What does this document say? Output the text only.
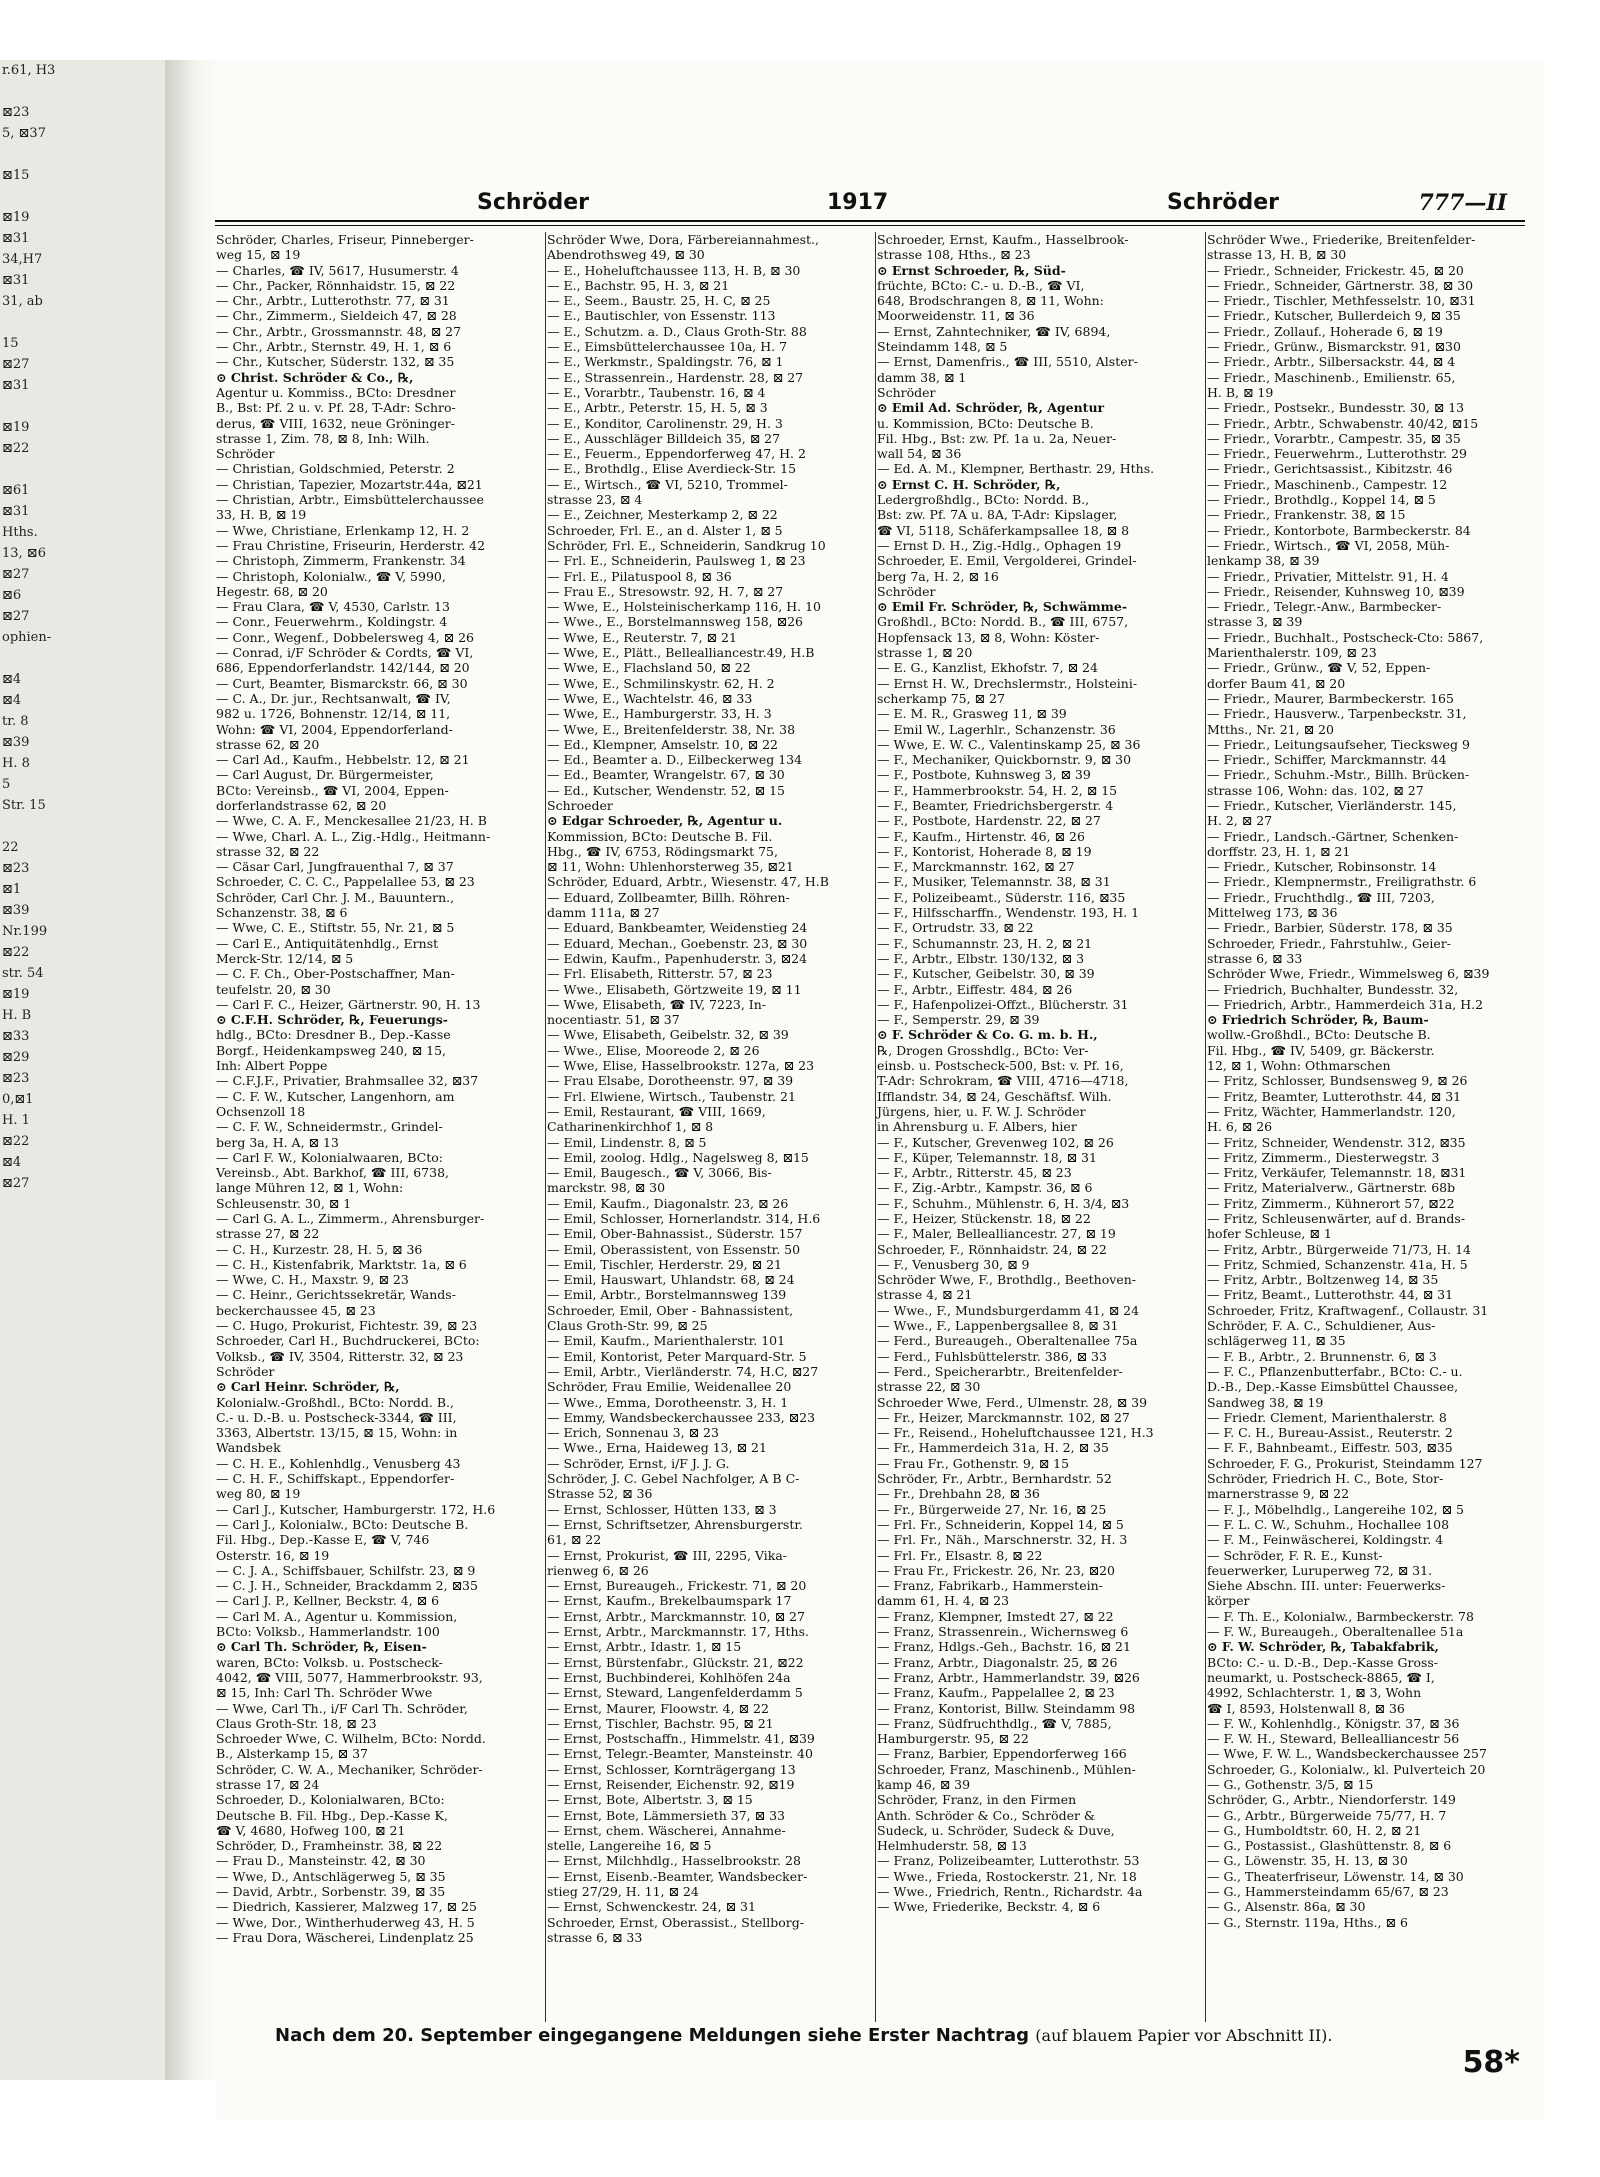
r.61, H3

⊠23
5, ⊠37

⊠15

⊠19
⊠31
34,H7
⊠31
31, ab

15
⊠27
⊠31

⊠19
⊠22

⊠61
⊠31
Hths.
13, ⊠6
⊠27
⊠6
⊠27
ophien-

⊠4
⊠4
tr. 8
⊠39
H. 8
5
Str. 15

22
⊠23
⊠1
⊠39
Nr.199
⊠22
str. 54
⊠19
H. B
⊠33
⊠29
⊠23
0,⊠1
H. 1
⊠22
⊠4
⊠27
Schröder	1917	Schröder	777—II
Schröder, Charles, Friseur, Pinneberger-
weg 15, ⊠ 19
— Charles, ☎ IV, 5617, Husumerstr. 4
— Chr., Packer, Rönnhaidstr. 15, ⊠ 22
— Chr., Arbtr., Lutterothstr. 77, ⊠ 31
— Chr., Zimmerm., Sieldeich 47, ⊠ 28
— Chr., Arbtr., Grossmannstr. 48, ⊠ 27
— Chr., Arbtr., Sternstr. 49, H. 1, ⊠ 6
— Chr., Kutscher, Süderstr. 132, ⊠ 35
⊙ Christ. Schröder & Co., ℞,
Agentur u. Kommiss., BCto: Dresdner
B., Bst: Pf. 2 u. v. Pf. 28, T-Adr: Schro-
derus, ☎ VIII, 1632, neue Gröninger-
strasse 1, Zim. 78, ⊠ 8, Inh: Wilh.
Schröder
— Christian, Goldschmied, Peterstr. 2
— Christian, Tapezier, Mozartstr.44a, ⊠21
— Christian, Arbtr., Eimsbüttelerchaussee
33, H. B, ⊠ 19
— Wwe, Christiane, Erlenkamp 12, H. 2
— Frau Christine, Friseurin, Herderstr. 42
— Christoph, Zimmerm, Frankenstr. 34
— Christoph, Kolonialw., ☎ V, 5990,
Hegestr. 68, ⊠ 20
— Frau Clara, ☎ V, 4530, Carlstr. 13
— Conr., Feuerwehrm., Koldingstr. 4
— Conr., Wegenf., Dobbelersweg 4, ⊠ 26
— Conrad, i/F Schröder & Cordts, ☎ VI,
686, Eppendorferlandstr. 142/144, ⊠ 20
— Curt, Beamter, Bismarckstr. 66, ⊠ 30
— C. A., Dr. jur., Rechtsanwalt, ☎ IV,
982 u. 1726, Bohnenstr. 12/14, ⊠ 11,
Wohn: ☎ VI, 2004, Eppendorferland-
strasse 62, ⊠ 20
— Carl Ad., Kaufm., Hebbelstr. 12, ⊠ 21
— Carl August, Dr. Bürgermeister,
BCto: Vereinsb., ☎ VI, 2004, Eppen-
dorferlandstrasse 62, ⊠ 20
— Wwe, C. A. F., Menckesallee 21/23, H. B
— Wwe, Charl. A. L., Zig.-Hdlg., Heitmann-
strasse 32, ⊠ 22
— Cäsar Carl, Jungfrauenthal 7, ⊠ 37
Schroeder, C. C. C., Pappelallee 53, ⊠ 23
Schröder, Carl Chr. J. M., Bauuntern.,
Schanzenstr. 38, ⊠ 6
— Wwe, C. E., Stiftstr. 55, Nr. 21, ⊠ 5
— Carl E., Antiquitätenhdlg., Ernst
Merck-Str. 12/14, ⊠ 5
— C. F. Ch., Ober-Postschaffner, Man-
teufelstr. 20, ⊠ 30
— Carl F. C., Heizer, Gärtnerstr. 90, H. 13
⊙ C.F.H. Schröder, ℞, Feuerungs-
hdlg., BCto: Dresdner B., Dep.-Kasse
Borgf., Heidenkampsweg 240, ⊠ 15,
Inh: Albert Poppe
— C.F.J.F., Privatier, Brahmsallee 32, ⊠37
— C. F. W., Kutscher, Langenhorn, am
Ochsenzoll 18
— C. F. W., Schneidermstr., Grindel-
berg 3a, H. A, ⊠ 13
— Carl F. W., Kolonialwaaren, BCto:
Vereinsb., Abt. Barkhof, ☎ III, 6738,
lange Mühren 12, ⊠ 1, Wohn:
Schleusenstr. 30, ⊠ 1
— Carl G. A. L., Zimmerm., Ahrensburger-
strasse 27, ⊠ 22
— C. H., Kurzestr. 28, H. 5, ⊠ 36
— C. H., Kistenfabrik, Marktstr. 1a, ⊠ 6
— Wwe, C. H., Maxstr. 9, ⊠ 23
— C. Heinr., Gerichtssekretär, Wands-
beckerchaussee 45, ⊠ 23
— C. Hugo, Prokurist, Fichtestr. 39, ⊠ 23
Schroeder, Carl H., Buchdruckerei, BCto:
Volksb., ☎ IV, 3504, Ritterstr. 32, ⊠ 23
Schröder
⊙ Carl Heinr. Schröder, ℞,
Kolonialw.-Großhdl., BCto: Nordd. B.,
C.- u. D.-B. u. Postscheck-3344, ☎ III,
3363, Albertstr. 13/15, ⊠ 15, Wohn: in
Wandsbek
— C. H. E., Kohlenhdlg., Venusberg 43
— C. H. F., Schiffskapt., Eppendorfer-
weg 80, ⊠ 19
— Carl J., Kutscher, Hamburgerstr. 172, H.6
— Carl J., Kolonialw., BCto: Deutsche B.
Fil. Hbg., Dep.-Kasse E, ☎ V, 746
Osterstr. 16, ⊠ 19
— C. J. A., Schiffsbauer, Schilfstr. 23, ⊠ 9
— C. J. H., Schneider, Brackdamm 2, ⊠35
— Carl J. P., Kellner, Beckstr. 4, ⊠ 6
— Carl M. A., Agentur u. Kommission,
BCto: Volksb., Hammerlandstr. 100
⊙ Carl Th. Schröder, ℞, Eisen-
waren, BCto: Volksb. u. Postscheck-
4042, ☎ VIII, 5077, Hammerbrookstr. 93,
⊠ 15, Inh: Carl Th. Schröder Wwe
— Wwe, Carl Th., i/F Carl Th. Schröder,
Claus Groth-Str. 18, ⊠ 23
Schroeder Wwe, C. Wilhelm, BCto: Nordd.
B., Alsterkamp 15, ⊠ 37
Schröder, C. W. A., Mechaniker, Schröder-
strasse 17, ⊠ 24
Schroeder, D., Kolonialwaren, BCto:
Deutsche B. Fil. Hbg., Dep.-Kasse K,
☎ V, 4680, Hofweg 100, ⊠ 21
Schröder, D., Framheinstr. 38, ⊠ 22
— Frau D., Mansteinstr. 42, ⊠ 30
— Wwe, D., Antschlägerweg 5, ⊠ 35
— David, Arbtr., Sorbenstr. 39, ⊠ 35
— Diedrich, Kassierer, Malzweg 17, ⊠ 25
— Wwe, Dor., Wintherhuderweg 43, H. 5
— Frau Dora, Wäscherei, Lindenplatz 25
Schröder Wwe, Dora, Färbereiannahmest.,
Abendrothsweg 49, ⊠ 30
— E., Hoheluftchaussee 113, H. B, ⊠ 30
— E., Bachstr. 95, H. 3, ⊠ 21
— E., Seem., Baustr. 25, H. C, ⊠ 25
— E., Bautischler, von Essenstr. 113
— E., Schutzm. a. D., Claus Groth-Str. 88
— E., Eimsbüttelerchaussee 10a, H. 7
— E., Werkmstr., Spaldingstr. 76, ⊠ 1
— E., Strassenrein., Hardenstr. 28, ⊠ 27
— E., Vorarbtr., Taubenstr. 16, ⊠ 4
— E., Arbtr., Peterstr. 15, H. 5, ⊠ 3
— E., Konditor, Carolinenstr. 29, H. 3
— E., Ausschläger Billdeich 35, ⊠ 27
— E., Feuerm., Eppendorferweg 47, H. 2
— E., Brothdlg., Elise Averdieck-Str. 15
— E., Wirtsch., ☎ VI, 5210, Trommel-
strasse 23, ⊠ 4
— E., Zeichner, Mesterkamp 2, ⊠ 22
Schroeder, Frl. E., an d. Alster 1, ⊠ 5
Schröder, Frl. E., Schneiderin, Sandkrug 10
— Frl. E., Schneiderin, Paulsweg 1, ⊠ 23
— Frl. E., Pilatuspool 8, ⊠ 36
— Frau E., Stresowstr. 92, H. 7, ⊠ 27
— Wwe, E., Holsteinischerkamp 116, H. 10
— Wwe., E., Borstelmannsweg 158, ⊠26
— Wwe, E., Reuterstr. 7, ⊠ 21
— Wwe, E., Plätt., Bellealliancestr.49, H.B
— Wwe, E., Flachsland 50, ⊠ 22
— Wwe, E., Schmilinskystr. 62, H. 2
— Wwe, E., Wachtelstr. 46, ⊠ 33
— Wwe, E., Hamburgerstr. 33, H. 3
— Wwe, E., Breitenfelderstr. 38, Nr. 38
— Ed., Klempner, Amselstr. 10, ⊠ 22
— Ed., Beamter a. D., Eilbeckerweg 134
— Ed., Beamter, Wrangelstr. 67, ⊠ 30
— Ed., Kutscher, Wendenstr. 52, ⊠ 15
Schroeder
⊙ Edgar Schroeder, ℞, Agentur u.
Kommission, BCto: Deutsche B. Fil.
Hbg., ☎ IV, 6753, Rödingsmarkt 75,
⊠ 11, Wohn: Uhlenhorsterweg 35, ⊠21
Schröder, Eduard, Arbtr., Wiesenstr. 47, H.B
— Eduard, Zollbeamter, Billh. Röhren-
damm 111a, ⊠ 27
— Eduard, Bankbeamter, Weidenstieg 24
— Eduard, Mechan., Goebenstr. 23, ⊠ 30
— Edwin, Kaufm., Papenhuderstr. 3, ⊠24
— Frl. Elisabeth, Ritterstr. 57, ⊠ 23
— Wwe., Elisabeth, Görtzweite 19, ⊠ 11
— Wwe, Elisabeth, ☎ IV, 7223, In-
nocentiastr. 51, ⊠ 37
— Wwe, Elisabeth, Geibelstr. 32, ⊠ 39
— Wwe., Elise, Mooreode 2, ⊠ 26
— Wwe, Elise, Hasselbrookstr. 127a, ⊠ 23
— Frau Elsabe, Dorotheenstr. 97, ⊠ 39
— Frl. Elwiene, Wirtsch., Taubenstr. 21
— Emil, Restaurant, ☎ VIII, 1669,
Catharinenkirchhof 1, ⊠ 8
— Emil, Lindenstr. 8, ⊠ 5
— Emil, zoolog. Hdlg., Nagelsweg 8, ⊠15
— Emil, Baugesch., ☎ V, 3066, Bis-
marckstr. 98, ⊠ 30
— Emil, Kaufm., Diagonalstr. 23, ⊠ 26
— Emil, Schlosser, Hornerlandstr. 314, H.6
— Emil, Ober-Bahnassist., Süderstr. 157
— Emil, Oberassistent, von Essenstr. 50
— Emil, Tischler, Herderstr. 29, ⊠ 21
— Emil, Hauswart, Uhlandstr. 68, ⊠ 24
— Emil, Arbtr., Borstelmannsweg 139
Schroeder, Emil, Ober - Bahnassistent,
Claus Groth-Str. 99, ⊠ 25
— Emil, Kaufm., Marienthalerstr. 101
— Emil, Kontorist, Peter Marquard-Str. 5
— Emil, Arbtr., Vierländerstr. 74, H.C, ⊠27
Schröder, Frau Emilie, Weidenallee 20
— Wwe., Emma, Dorotheenstr. 3, H. 1
— Emmy, Wandsbeckerchaussee 233, ⊠23
— Erich, Sonnenau 3, ⊠ 23
— Wwe., Erna, Haideweg 13, ⊠ 21
— Schröder, Ernst, i/F J. J. G.
Schröder, J. C. Gebel Nachfolger, A B C-
Strasse 52, ⊠ 36
— Ernst, Schlosser, Hütten 133, ⊠ 3
— Ernst, Schriftsetzer, Ahrensburgerstr.
61, ⊠ 22
— Ernst, Prokurist, ☎ III, 2295, Vika-
rienweg 6, ⊠ 26
— Ernst, Bureaugeh., Frickestr. 71, ⊠ 20
— Ernst, Kaufm., Brekelbaumspark 17
— Ernst, Arbtr., Marckmannstr. 10, ⊠ 27
— Ernst, Arbtr., Marckmannstr. 17, Hths.
— Ernst, Arbtr., Idastr. 1, ⊠ 15
— Ernst, Bürstenfabr., Glückstr. 21, ⊠22
— Ernst, Buchbinderei, Kohlhöfen 24a
— Ernst, Steward, Langenfelderdamm 5
— Ernst, Maurer, Floowstr. 4, ⊠ 22
— Ernst, Tischler, Bachstr. 95, ⊠ 21
— Ernst, Postschaffn., Himmelstr. 41, ⊠39
— Ernst, Telegr.-Beamter, Mansteinstr. 40
— Ernst, Schlosser, Kornträgergang 13
— Ernst, Reisender, Eichenstr. 92, ⊠19
— Ernst, Bote, Albertstr. 3, ⊠ 15
— Ernst, Bote, Lämmersieth 37, ⊠ 33
— Ernst, chem. Wäscherei, Annahme-
stelle, Langereihe 16, ⊠ 5
— Ernst, Milchhdlg., Hasselbrookstr. 28
— Ernst, Eisenb.-Beamter, Wandsbecker-
stieg 27/29, H. 11, ⊠ 24
— Ernst, Schwenckestr. 24, ⊠ 31
Schroeder, Ernst, Oberassist., Stellborg-
strasse 6, ⊠ 33
Schroeder, Ernst, Kaufm., Hasselbrook-
strasse 108, Hths., ⊠ 23
⊙ Ernst Schroeder, ℞, Süd-
früchte, BCto: C.- u. D.-B., ☎ VI,
648, Brodschrangen 8, ⊠ 11, Wohn:
Moorweidenstr. 11, ⊠ 36
— Ernst, Zahntechniker, ☎ IV, 6894,
Steindamm 148, ⊠ 5
— Ernst, Damenfris., ☎ III, 5510, Alster-
damm 38, ⊠ 1
Schröder
⊙ Emil Ad. Schröder, ℞, Agentur
u. Kommission, BCto: Deutsche B.
Fil. Hbg., Bst: zw. Pf. 1a u. 2a, Neuer-
wall 54, ⊠ 36
— Ed. A. M., Klempner, Berthastr. 29, Hths.
⊙ Ernst C. H. Schröder, ℞,
Ledergroßhdlg., BCto: Nordd. B.,
Bst: zw. Pf. 7A u. 8A, T-Adr: Kipslager,
☎ VI, 5118, Schäferkampsallee 18, ⊠ 8
— Ernst D. H., Zig.-Hdlg., Ophagen 19
Schroeder, E. Emil, Vergolderei, Grindel-
berg 7a, H. 2, ⊠ 16
Schröder
⊙ Emil Fr. Schröder, ℞, Schwämme-
Großhdl., BCto: Nordd. B., ☎ III, 6757,
Hopfensack 13, ⊠ 8, Wohn: Köster-
strasse 1, ⊠ 20
— E. G., Kanzlist, Ekhofstr. 7, ⊠ 24
— Ernst H. W., Drechslermstr., Holsteini-
scherkamp 75, ⊠ 27
— E. M. R., Grasweg 11, ⊠ 39
— Emil W., Lagerhlr., Schanzenstr. 36
— Wwe, E. W. C., Valentinskamp 25, ⊠ 36
— F., Mechaniker, Quickbornstr. 9, ⊠ 30
— F., Postbote, Kuhnsweg 3, ⊠ 39
— F., Hammerbrookstr. 54, H. 2, ⊠ 15
— F., Beamter, Friedrichsbergerstr. 4
— F., Postbote, Hardenstr. 22, ⊠ 27
— F., Kaufm., Hirtenstr. 46, ⊠ 26
— F., Kontorist, Hoherade 8, ⊠ 19
— F., Marckmannstr. 162, ⊠ 27
— F., Musiker, Telemannstr. 38, ⊠ 31
— F., Polizeibeamt., Süderstr. 116, ⊠35
— F., Hilfsscharffn., Wendenstr. 193, H. 1
— F., Ortrudstr. 33, ⊠ 22
— F., Schumannstr. 23, H. 2, ⊠ 21
— F., Arbtr., Elbstr. 130/132, ⊠ 3
— F., Kutscher, Geibelstr. 30, ⊠ 39
— F., Arbtr., Eiffestr. 484, ⊠ 26
— F., Hafenpolizei-Offzt., Blücherstr. 31
— F., Semperstr. 29, ⊠ 39
⊙ F. Schröder & Co. G. m. b. H.,
℞, Drogen Grosshdlg., BCto: Ver-
einsb. u. Postscheck-500, Bst: v. Pf. 16,
T-Adr: Schrokram, ☎ VIII, 4716—4718,
Ifflandstr. 34, ⊠ 24, Geschäftsf. Wilh.
Jürgens, hier, u. F. W. J. Schröder
in Ahrensburg u. F. Albers, hier
— F., Kutscher, Grevenweg 102, ⊠ 26
— F., Küper, Telemannstr. 18, ⊠ 31
— F., Arbtr., Ritterstr. 45, ⊠ 23
— F., Zig.-Arbtr., Kampstr. 36, ⊠ 6
— F., Schuhm., Mühlenstr. 6, H. 3/4, ⊠3
— F., Heizer, Stückenstr. 18, ⊠ 22
— F., Maler, Bellealliancestr. 27, ⊠ 19
Schroeder, F., Rönnhaidstr. 24, ⊠ 22
— F., Venusberg 30, ⊠ 9
Schröder Wwe, F., Brothdlg., Beethoven-
strasse 4, ⊠ 21
— Wwe., F., Mundsburgerdamm 41, ⊠ 24
— Wwe., F., Lappenbergsallee 8, ⊠ 31
— Ferd., Bureaugeh., Oberaltenallee 75a
— Ferd., Fuhlsbüttelerstr. 386, ⊠ 33
— Ferd., Speicherarbtr., Breitenfelder-
strasse 22, ⊠ 30
Schroeder Wwe, Ferd., Ulmenstr. 28, ⊠ 39
— Fr., Heizer, Marckmannstr. 102, ⊠ 27
— Fr., Reisend., Hoheluftchaussee 121, H.3
— Fr., Hammerdeich 31a, H. 2, ⊠ 35
— Frau Fr., Gothenstr. 9, ⊠ 15
Schröder, Fr., Arbtr., Bernhardstr. 52
— Fr., Drehbahn 28, ⊠ 36
— Fr., Bürgerweide 27, Nr. 16, ⊠ 25
— Frl. Fr., Schneiderin, Koppel 14, ⊠ 5
— Frl. Fr., Näh., Marschnerstr. 32, H. 3
— Frl. Fr., Elsastr. 8, ⊠ 22
— Frau Fr., Frickestr. 26, Nr. 23, ⊠20
— Franz, Fabrikarb., Hammerstein-
damm 61, H. 4, ⊠ 23
— Franz, Klempner, Imstedt 27, ⊠ 22
— Franz, Strassenrein., Wichernsweg 6
— Franz, Hdlgs.-Geh., Bachstr. 16, ⊠ 21
— Franz, Arbtr., Diagonalstr. 25, ⊠ 26
— Franz, Arbtr., Hammerlandstr. 39, ⊠26
— Franz, Kaufm., Pappelallee 2, ⊠ 23
— Franz, Kontorist, Billw. Steindamm 98
— Franz, Südfruchthdlg., ☎ V, 7885,
Hamburgerstr. 95, ⊠ 22
— Franz, Barbier, Eppendorferweg 166
Schroeder, Franz, Maschinenb., Mühlen-
kamp 46, ⊠ 39
Schröder, Franz, in den Firmen
Anth. Schröder & Co., Schröder &
Sudeck, u. Schröder, Sudeck & Duve,
Helmhuderstr. 58, ⊠ 13
— Franz, Polizeibeamter, Lutterothstr. 53
— Wwe., Frieda, Rostockerstr. 21, Nr. 18
— Wwe., Friedrich, Rentn., Richardstr. 4a
— Wwe, Friederike, Beckstr. 4, ⊠ 6
Schröder Wwe., Friederike, Breitenfelder-
strasse 13, H. B, ⊠ 30
— Friedr., Schneider, Frickestr. 45, ⊠ 20
— Friedr., Schneider, Gärtnerstr. 38, ⊠ 30
— Friedr., Tischler, Methfesselstr. 10, ⊠31
— Friedr., Kutscher, Bullerdeich 9, ⊠ 35
— Friedr., Zollauf., Hoherade 6, ⊠ 19
— Friedr., Grünw., Bismarckstr. 91, ⊠30
— Friedr., Arbtr., Silbersackstr. 44, ⊠ 4
— Friedr., Maschinenb., Emilienstr. 65,
H. B, ⊠ 19
— Friedr., Postsekr., Bundesstr. 30, ⊠ 13
— Friedr., Arbtr., Schwabenstr. 40/42, ⊠15
— Friedr., Vorarbtr., Campestr. 35, ⊠ 35
— Friedr., Feuerwehrm., Lutterothstr. 29
— Friedr., Gerichtsassist., Kibitzstr. 46
— Friedr., Maschinenb., Campestr. 12
— Friedr., Brothdlg., Koppel 14, ⊠ 5
— Friedr., Frankenstr. 38, ⊠ 15
— Friedr., Kontorbote, Barmbeckerstr. 84
— Friedr., Wirtsch., ☎ VI, 2058, Müh-
lenkamp 38, ⊠ 39
— Friedr., Privatier, Mittelstr. 91, H. 4
— Friedr., Reisender, Kuhnsweg 10, ⊠39
— Friedr., Telegr.-Anw., Barmbecker-
strasse 3, ⊠ 39
— Friedr., Buchhalt., Postscheck-Cto: 5867,
Marienthalerstr. 109, ⊠ 23
— Friedr., Grünw., ☎ V, 52, Eppen-
dorfer Baum 41, ⊠ 20
— Friedr., Maurer, Barmbeckerstr. 165
— Friedr., Hausverw., Tarpenbeckstr. 31,
Mtths., Nr. 21, ⊠ 20
— Friedr., Leitungsaufseher, Tiecksweg 9
— Friedr., Schiffer, Marckmannstr. 44
— Friedr., Schuhm.-Mstr., Billh. Brücken-
strasse 106, Wohn: das. 102, ⊠ 27
— Friedr., Kutscher, Vierländerstr. 145,
H. 2, ⊠ 27
— Friedr., Landsch.-Gärtner, Schenken-
dorffstr. 23, H. 1, ⊠ 21
— Friedr., Kutscher, Robinsonstr. 14
— Friedr., Klempnermstr., Freiligrathstr. 6
— Friedr., Fruchthdlg., ☎ III, 7203,
Mittelweg 173, ⊠ 36
— Friedr., Barbier, Süderstr. 178, ⊠ 35
Schroeder, Friedr., Fahrstuhlw., Geier-
strasse 6, ⊠ 33
Schröder Wwe, Friedr., Wimmelsweg 6, ⊠39
— Friedrich, Buchhalter, Bundesstr. 32,
— Friedrich, Arbtr., Hammerdeich 31a, H.2
⊙ Friedrich Schröder, ℞, Baum-
wollw.-Großhdl., BCto: Deutsche B.
Fil. Hbg., ☎ IV, 5409, gr. Bäckerstr.
12, ⊠ 1, Wohn: Othmarschen
— Fritz, Schlosser, Bundsensweg 9, ⊠ 26
— Fritz, Beamter, Lutterothstr. 44, ⊠ 31
— Fritz, Wächter, Hammerlandstr. 120,
H. 6, ⊠ 26
— Fritz, Schneider, Wendenstr. 312, ⊠35
— Fritz, Zimmerm., Diesterwegstr. 3
— Fritz, Verkäufer, Telemannstr. 18, ⊠31
— Fritz, Materialverw., Gärtnerstr. 68b
— Fritz, Zimmerm., Kühnerort 57, ⊠22
— Fritz, Schleusenwärter, auf d. Brands-
hofer Schleuse, ⊠ 1
— Fritz, Arbtr., Bürgerweide 71/73, H. 14
— Fritz, Schmied, Schanzenstr. 41a, H. 5
— Fritz, Arbtr., Boltzenweg 14, ⊠ 35
— Fritz, Beamt., Lutterothstr. 44, ⊠ 31
Schroeder, Fritz, Kraftwagenf., Collaustr. 31
Schröder, F. A. C., Schuldiener, Aus-
schlägerweg 11, ⊠ 35
— F. B., Arbtr., 2. Brunnenstr. 6, ⊠ 3
— F. C., Pflanzenbutterfabr., BCto: C.- u.
D.-B., Dep.-Kasse Eimsbüttel Chaussee,
Sandweg 38, ⊠ 19
— Friedr. Clement, Marienthalerstr. 8
— F. C. H., Bureau-Assist., Reuterstr. 2
— F. F., Bahnbeamt., Eiffestr. 503, ⊠35
Schroeder, F. G., Prokurist, Steindamm 127
Schröder, Friedrich H. C., Bote, Stor-
marnerstrasse 9, ⊠ 22
— F. J., Möbelhdlg., Langereihe 102, ⊠ 5
— F. L. C. W., Schuhm., Hochallee 108
— F. M., Feinwäscherei, Koldingstr. 4
— Schröder, F. R. E., Kunst-
feuerwerker, Luruperweg 72, ⊠ 31.
Siehe Abschn. III. unter: Feuerwerks-
körper
— F. Th. E., Kolonialw., Barmbeckerstr. 78
— F. W., Bureaugeh., Oberaltenallee 51a
⊙ F. W. Schröder, ℞, Tabakfabrik,
BCto: C.- u. D.-B., Dep.-Kasse Gross-
neumarkt, u. Postscheck-8865, ☎ I,
4992, Schlachterstr. 1, ⊠ 3, Wohn
☎ I, 8593, Holstenwall 8, ⊠ 36
— F. W., Kohlenhdlg., Königstr. 37, ⊠ 36
— F. W. H., Steward, Bellealliancestr 56
— Wwe, F. W. L., Wandsbeckerchaussee 257
Schroeder, G., Kolonialw., kl. Pulverteich 20
— G., Gothenstr. 3/5, ⊠ 15
Schröder, G., Arbtr., Niendorferstr. 149
— G., Arbtr., Bürgerweide 75/77, H. 7
— G., Humboldtstr. 60, H. 2, ⊠ 21
— G., Postassist., Glashüttenstr. 8, ⊠ 6
— G., Löwenstr. 35, H. 13, ⊠ 30
— G., Theaterfriseur, Löwenstr. 14, ⊠ 30
— G., Hammersteindamm 65/67, ⊠ 23
— G., Alsenstr. 86a, ⊠ 30
— G., Sternstr. 119a, Hths., ⊠ 6
Nach dem 20. September eingegangene Meldungen siehe Erster Nachtrag (auf blauem Papier vor Abschnitt II).
58*
